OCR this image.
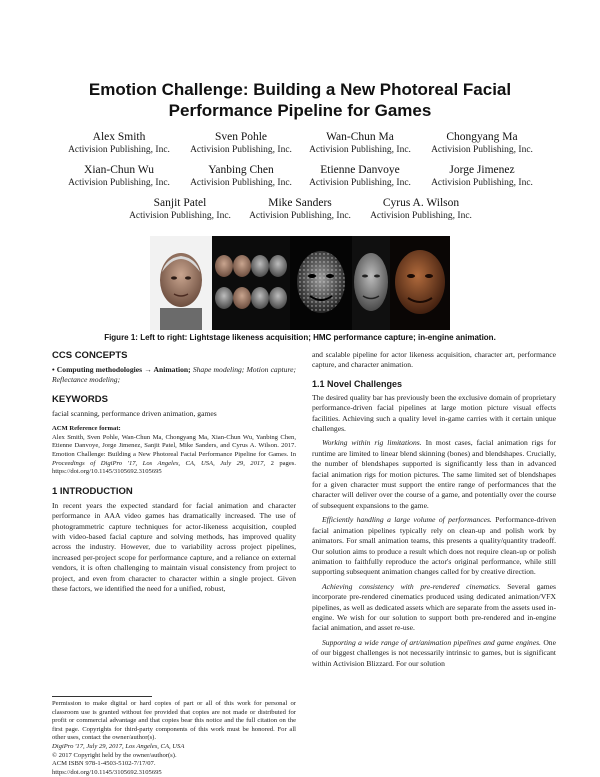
Emotion Challenge: Building a New Photoreal Facial
Performance Pipeline for Games
Alex Smith
Activision Publishing, Inc.
Sven Pohle
Activision Publishing, Inc.
Wan-Chun Ma
Activision Publishing, Inc.
Chongyang Ma
Activision Publishing, Inc.
Xian-Chun Wu
Activision Publishing, Inc.
Yanbing Chen
Activision Publishing, Inc.
Etienne Danvoye
Activision Publishing, Inc.
Jorge Jimenez
Activision Publishing, Inc.
Sanjit Patel
Activision Publishing, Inc.
Mike Sanders
Activision Publishing, Inc.
Cyrus A. Wilson
Activision Publishing, Inc.
Figure 1: Left to right: Lightstage likeness acquisition; HMC performance capture; in-engine animation.

CCS CONCEPTS

• Computing methodologies → Animation; Shape modeling; Motion capture; Reflectance modeling;

KEYWORDS

facial scanning, performance driven animation, games

ACM Reference format:

Alex Smith, Sven Pohle, Wan-Chun Ma, Chongyang Ma, Xian-Chun Wu, Yanbing Chen, Etienne Danvoye, Jorge Jimenez, Sanjit Patel, Mike Sanders, and Cyrus A. Wilson. 2017. Emotion Challenge: Building a New Photoreal Facial Performance Pipeline for Games. In Proceedings of DigiPro '17, Los Angeles, CA, USA, July 29, 2017, 2 pages. https://doi.org/10.1145/3105692.3105695

1 INTRODUCTION

In recent years the expected standard for facial animation and character performance in AAA video games has dramatically increased. The use of photogrammetric capture techniques for actor-likeness acquisition, coupled with video-based facial capture and solving methods, has improved quality across the industry. However, due to variability across project pipelines, increased per-project scope for performance capture, and a reliance on external vendors, it is often challenging to maintain visual consistency from project to project, and even from character to character within a single project. Given these factors, we identified the need for a unified, robust,

Permission to make digital or hard copies of part or all of this work for personal or classroom use is granted without fee provided that copies are not made or distributed for profit or commercial advantage and that copies bear this notice and the full citation on the first page. Copyrights for third-party components of this work must be honored. For all other uses, contact the owner/author(s).

DigiPro '17, July 29, 2017, Los Angeles, CA, USA

© 2017 Copyright held by the owner/author(s).

ACM ISBN 978-1-4503-5102-7/17/07.

https://doi.org/10.1145/3105692.3105695

and scalable pipeline for actor likeness acquisition, character art, performance capture, and character animation.

1.1 Novel Challenges

The desired quality bar has previously been the exclusive domain of proprietary performance-driven facial pipelines at large motion picture visual effects facilities. Achieving such a quality level in-game carries with it certain unique challenges.

Working within rig limitations. In most cases, facial animation rigs for runtime are limited to linear blend skinning (bones) and blendshapes. Crucially, the number of blendshapes supported is significantly less than in advanced facial animation rigs for motion pictures. The same limited set of blendshapes for a given character must support the entire range of performances that the character will deliver over the course of a game, and potentially over the course of subsequent expansions to the game.

Efficiently handling a large volume of performances. Performance-driven facial animation pipelines typically rely on clean-up and polish work by animators. For small animation teams, this presents a quality/quantity tradeoff. Our solution aims to produce a result which does not require clean-up or polish animation to faithfully reproduce the actor's original performance, while still supporting subsequent animation changes called for by creative direction.

Achieving consistency with pre-rendered cinematics. Several games incorporate pre-rendered cinematics produced using dedicated animation/VFX pipelines, as well as dedicated assets which are separate from the assets used in-engine. We wish for our solution to support both pre-rendered and in-engine facial animation, and asset re-use.

Supporting a wide range of art/animation pipelines and game engines. One of our biggest challenges is not necessarily intrinsic to games, but is significant within Activision Blizzard. For our solution
